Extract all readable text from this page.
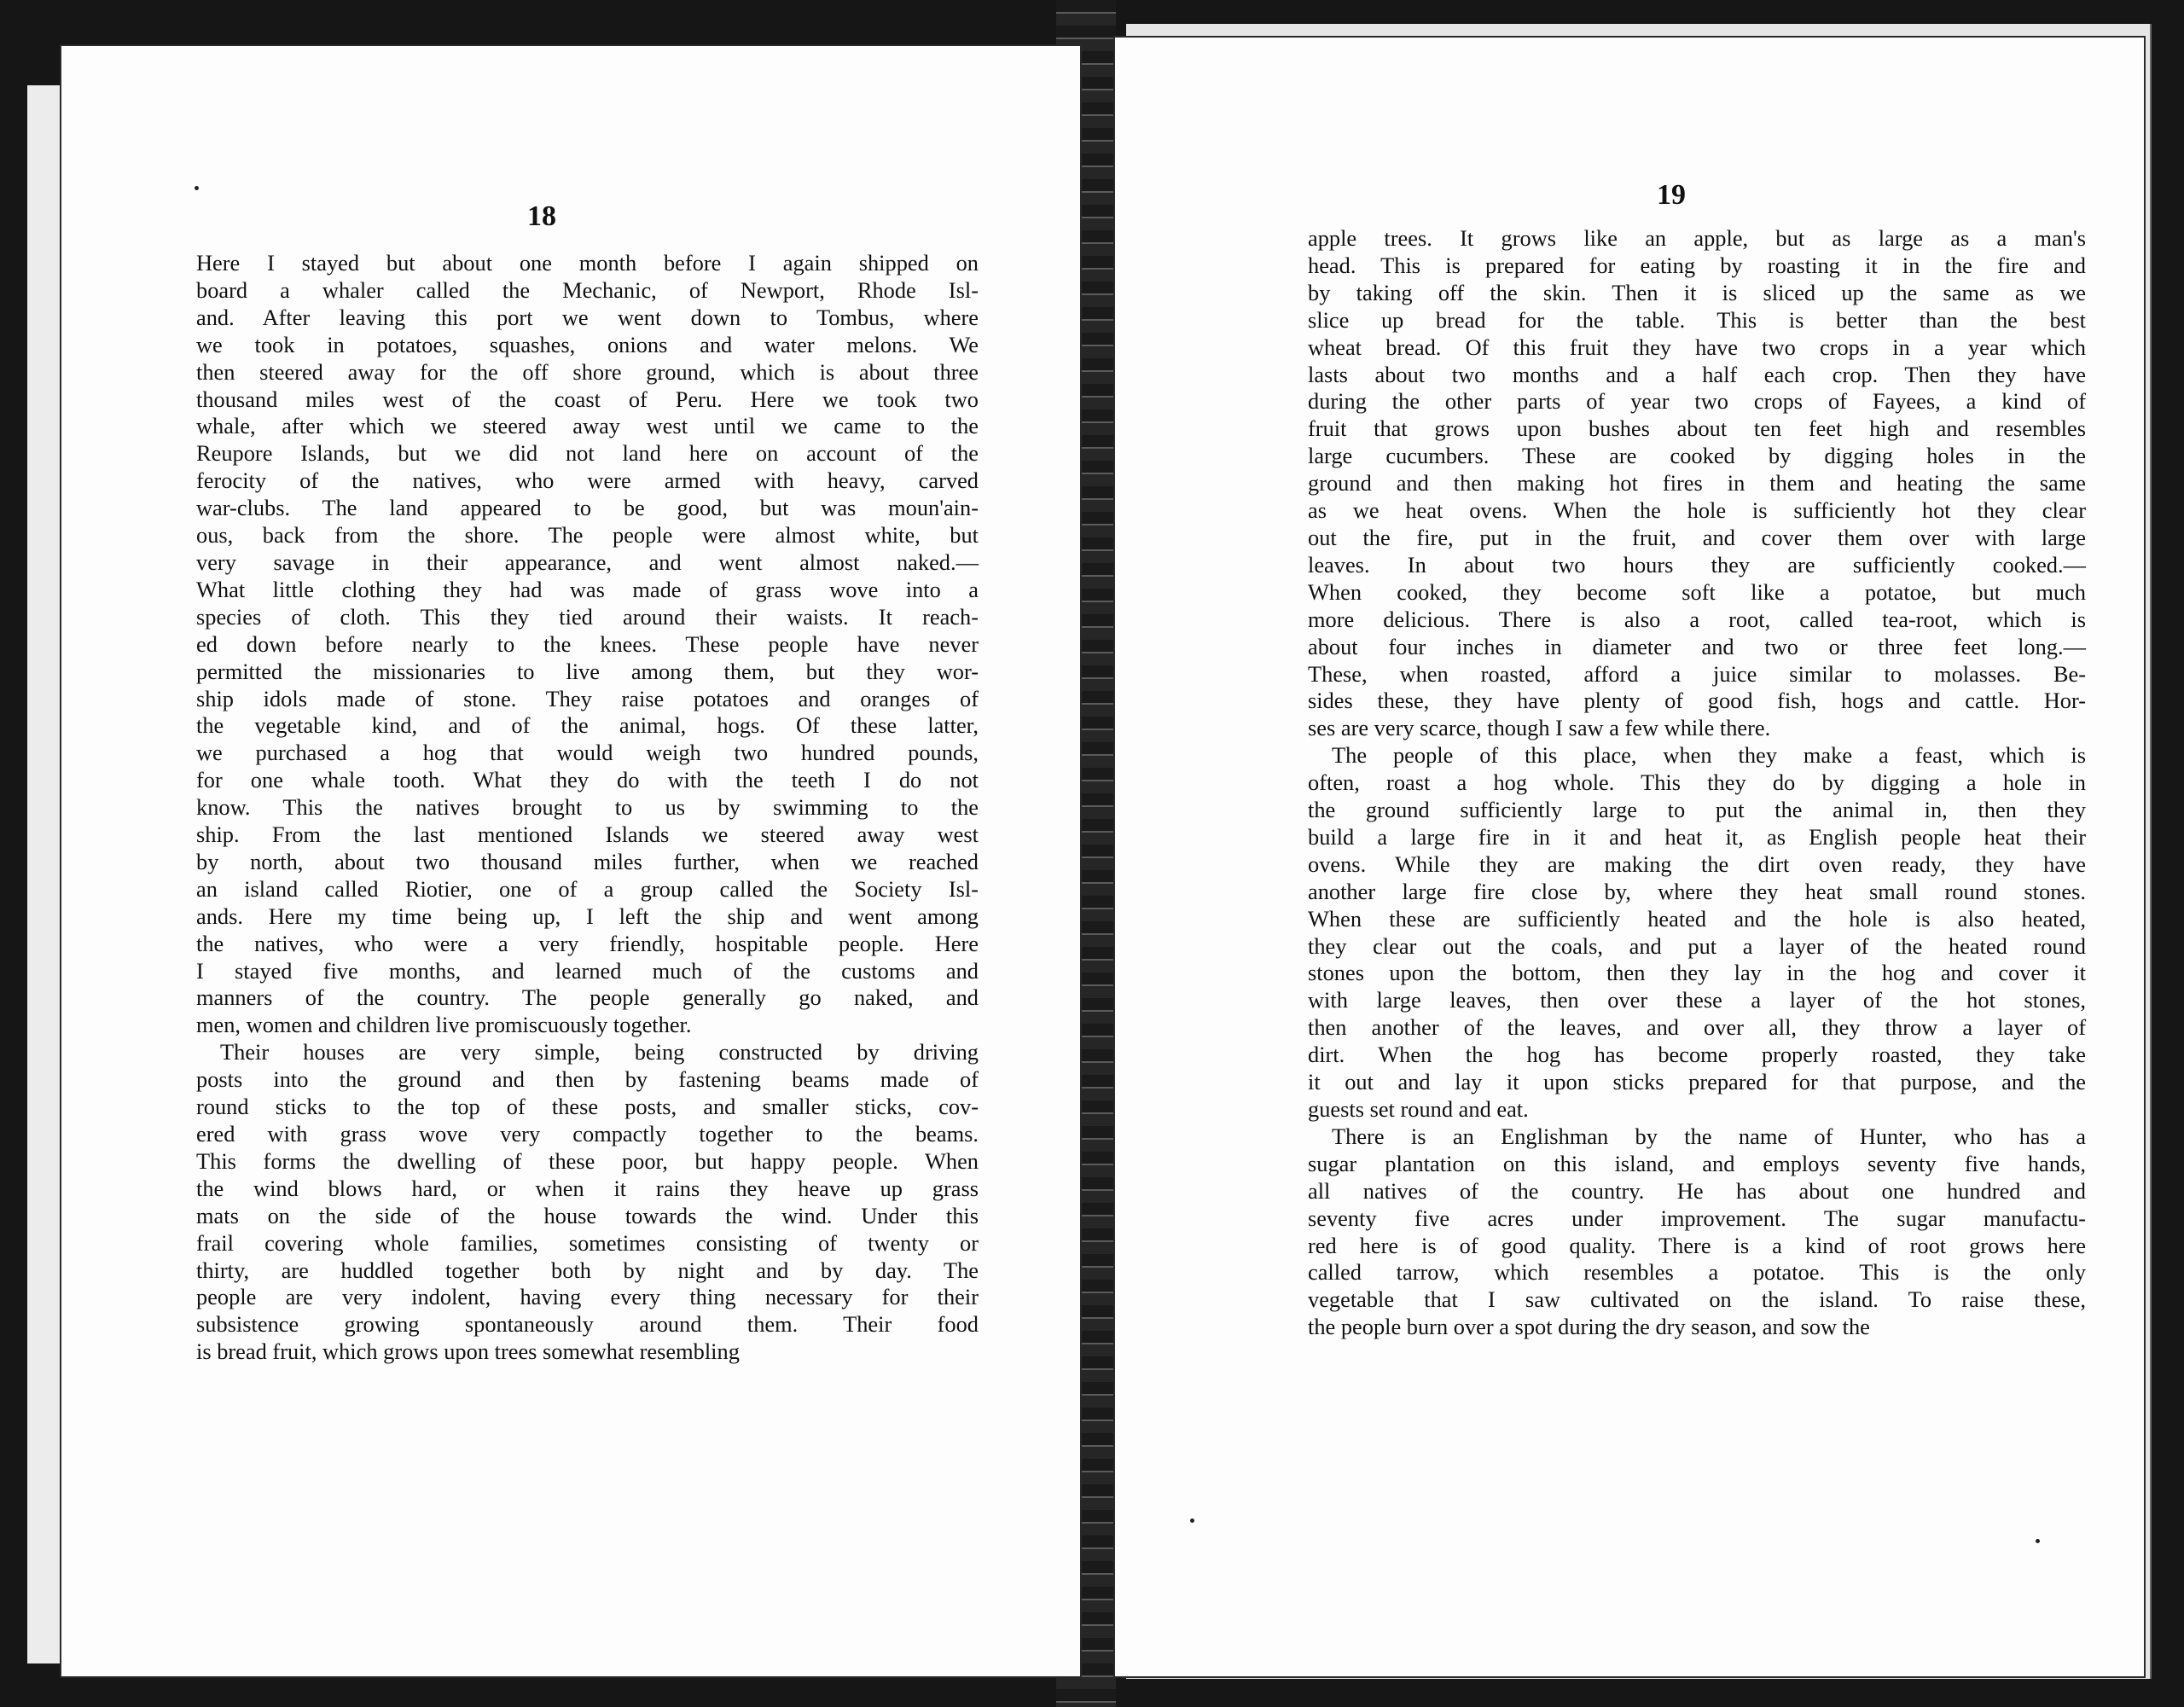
18
Here I stayed but about one month before I again shipped on
board a whaler called the Mechanic, of Newport, Rhode Isl-
and. After leaving this port we went down to Tombus, where
we took in potatoes, squashes, onions and water melons. We
then steered away for the off shore ground, which is about three
thousand miles west of the coast of Peru. Here we took two
whale, after which we steered away west until we came to the
Reupore Islands, but we did not land here on account of the
ferocity of the natives, who were armed with heavy, carved
war-clubs. The land appeared to be good, but was moun'ain-
ous, back from the shore. The people were almost white, but
very savage in their appearance, and went almost naked.—
What little clothing they had was made of grass wove into a
species of cloth. This they tied around their waists. It reach-
ed down before nearly to the knees. These people have never
permitted the missionaries to live among them, but they wor-
ship idols made of stone. They raise potatoes and oranges of
the vegetable kind, and of the animal, hogs. Of these latter,
we purchased a hog that would weigh two hundred pounds,
for one whale tooth. What they do with the teeth I do not
know. This the natives brought to us by swimming to the
ship. From the last mentioned Islands we steered away west
by north, about two thousand miles further, when we reached
an island called Riotier, one of a group called the Society Isl-
ands. Here my time being up, I left the ship and went among
the natives, who were a very friendly, hospitable people. Here
I stayed five months, and learned much of the customs and
manners of the country. The people generally go naked, and
men, women and children live promiscuously together.
Their houses are very simple, being constructed by driving
posts into the ground and then by fastening beams made of
round sticks to the top of these posts, and smaller sticks, cov-
ered with grass wove very compactly together to the beams.
This forms the dwelling of these poor, but happy people. When
the wind blows hard, or when it rains they heave up grass
mats on the side of the house towards the wind. Under this
frail covering whole families, sometimes consisting of twenty or
thirty, are huddled together both by night and by day. The
people are very indolent, having every thing necessary for their
subsistence growing spontaneously around them. Their food
is bread fruit, which grows upon trees somewhat resembling
19
apple trees. It grows like an apple, but as large as a man's
head. This is prepared for eating by roasting it in the fire and
by taking off the skin. Then it is sliced up the same as we
slice up bread for the table. This is better than the best
wheat bread. Of this fruit they have two crops in a year which
lasts about two months and a half each crop. Then they have
during the other parts of year two crops of Fayees, a kind of
fruit that grows upon bushes about ten feet high and resembles
large cucumbers. These are cooked by digging holes in the
ground and then making hot fires in them and heating the same
as we heat ovens. When the hole is sufficiently hot they clear
out the fire, put in the fruit, and cover them over with large
leaves. In about two hours they are sufficiently cooked.—
When cooked, they become soft like a potatoe, but much
more delicious. There is also a root, called tea-root, which is
about four inches in diameter and two or three feet long.—
These, when roasted, afford a juice similar to molasses. Be-
sides these, they have plenty of good fish, hogs and cattle. Hor-
ses are very scarce, though I saw a few while there.
The people of this place, when they make a feast, which is
often, roast a hog whole. This they do by digging a hole in
the ground sufficiently large to put the animal in, then they
build a large fire in it and heat it, as English people heat their
ovens. While they are making the dirt oven ready, they have
another large fire close by, where they heat small round stones.
When these are sufficiently heated and the hole is also heated,
they clear out the coals, and put a layer of the heated round
stones upon the bottom, then they lay in the hog and cover it
with large leaves, then over these a layer of the hot stones,
then another of the leaves, and over all, they throw a layer of
dirt. When the hog has become properly roasted, they take
it out and lay it upon sticks prepared for that purpose, and the
guests set round and eat.
There is an Englishman by the name of Hunter, who has a
sugar plantation on this island, and employs seventy five hands,
all natives of the country. He has about one hundred and
seventy five acres under improvement. The sugar manufactu-
red here is of good quality. There is a kind of root grows here
called tarrow, which resembles a potatoe. This is the only
vegetable that I saw cultivated on the island. To raise these,
the people burn over a spot during the dry season, and sow the
